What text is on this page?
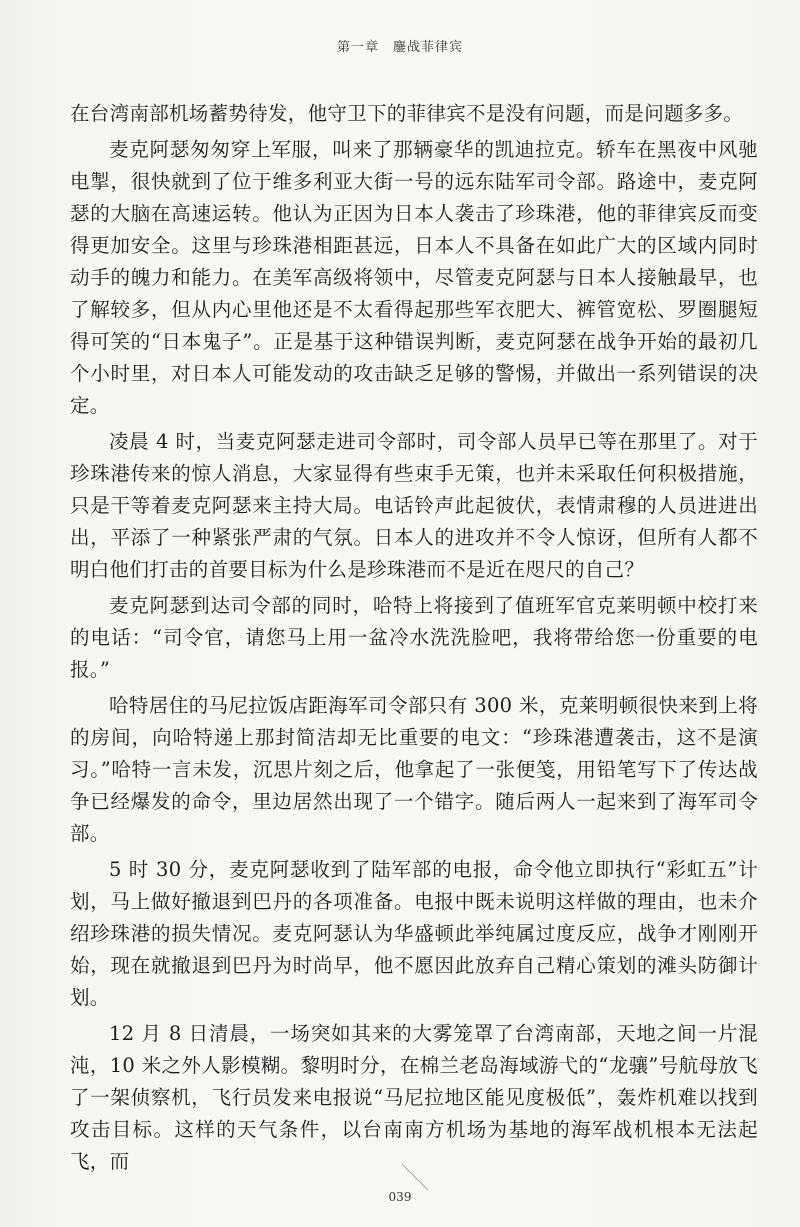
第一章　鏖战菲律宾

在台湾南部机场蓄势待发，他守卫下的菲律宾不是没有问题，而是问题多多。

麦克阿瑟匆匆穿上军服，叫来了那辆豪华的凯迪拉克。轿车在黑夜中风驰电掣，很快就到了位于维多利亚大街一号的远东陆军司令部。路途中，麦克阿瑟的大脑在高速运转。他认为正因为日本人袭击了珍珠港，他的菲律宾反而变得更加安全。这里与珍珠港相距甚远，日本人不具备在如此广大的区域内同时动手的魄力和能力。在美军高级将领中，尽管麦克阿瑟与日本人接触最早，也了解较多，但从内心里他还是不太看得起那些军衣肥大、裤管宽松、罗圈腿短得可笑的“日本鬼子”。正是基于这种错误判断，麦克阿瑟在战争开始的最初几个小时里，对日本人可能发动的攻击缺乏足够的警惕，并做出一系列错误的决定。

凌晨 4 时，当麦克阿瑟走进司令部时，司令部人员早已等在那里了。对于珍珠港传来的惊人消息，大家显得有些束手无策，也并未采取任何积极措施，只是干等着麦克阿瑟来主持大局。电话铃声此起彼伏，表情肃穆的人员进进出出，平添了一种紧张严肃的气氛。日本人的进攻并不令人惊讶，但所有人都不明白他们打击的首要目标为什么是珍珠港而不是近在咫尺的自己？

麦克阿瑟到达司令部的同时，哈特上将接到了值班军官克莱明顿中校打来的电话：“司令官，请您马上用一盆冷水洗洗脸吧，我将带给您一份重要的电报。”

哈特居住的马尼拉饭店距海军司令部只有 300 米，克莱明顿很快来到上将的房间，向哈特递上那封简洁却无比重要的电文：“珍珠港遭袭击，这不是演习。”哈特一言未发，沉思片刻之后，他拿起了一张便笺，用铅笔写下了传达战争已经爆发的命令，里边居然出现了一个错字。随后两人一起来到了海军司令部。

5 时 30 分，麦克阿瑟收到了陆军部的电报，命令他立即执行“彩虹五”计划，马上做好撤退到巴丹的各项准备。电报中既未说明这样做的理由，也未介绍珍珠港的损失情况。麦克阿瑟认为华盛顿此举纯属过度反应，战争才刚刚开始，现在就撤退到巴丹为时尚早，他不愿因此放弃自己精心策划的滩头防御计划。

12 月 8 日清晨，一场突如其来的大雾笼罩了台湾南部，天地之间一片混沌，10 米之外人影模糊。黎明时分，在棉兰老岛海域游弋的“龙骧”号航母放飞了一架侦察机，飞行员发来电报说“马尼拉地区能见度极低”，轰炸机难以找到攻击目标。这样的天气条件，以台南南方机场为基地的海军战机根本无法起飞，而

039
